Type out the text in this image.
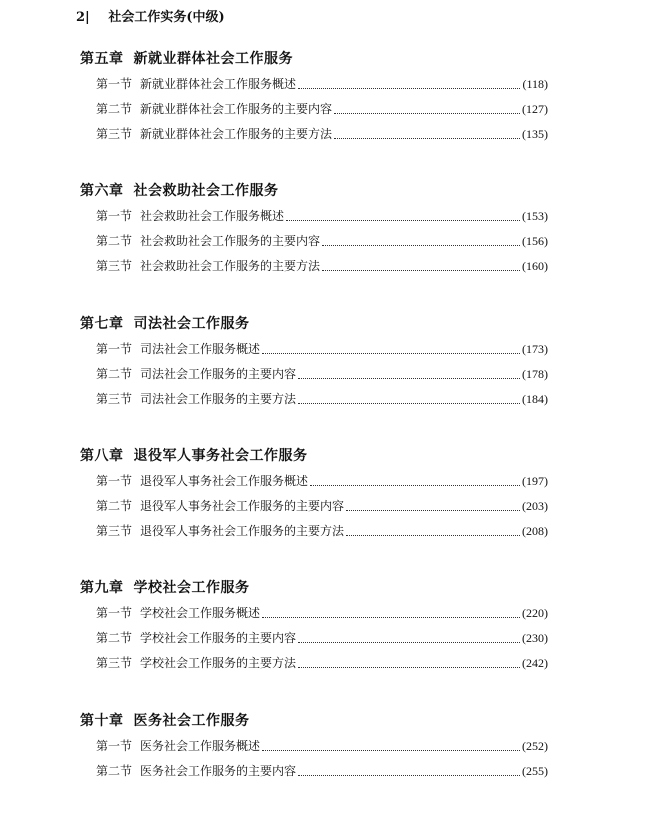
2| 社会工作实务(中级)
第五章 新就业群体社会工作服务
第一节 新就业群体社会工作服务概述	(118)
第二节 新就业群体社会工作服务的主要内容	(127)
第三节 新就业群体社会工作服务的主要方法	(135)
第六章 社会救助社会工作服务
第一节 社会救助社会工作服务概述	(153)
第二节 社会救助社会工作服务的主要内容	(156)
第三节 社会救助社会工作服务的主要方法	(160)
第七章 司法社会工作服务
第一节 司法社会工作服务概述	(173)
第二节 司法社会工作服务的主要内容	(178)
第三节 司法社会工作服务的主要方法	(184)
第八章 退役军人事务社会工作服务
第一节 退役军人事务社会工作服务概述	(197)
第二节 退役军人事务社会工作服务的主要内容	(203)
第三节 退役军人事务社会工作服务的主要方法	(208)
第九章 学校社会工作服务
第一节 学校社会工作服务概述	(220)
第二节 学校社会工作服务的主要内容	(230)
第三节 学校社会工作服务的主要方法	(242)
第十章 医务社会工作服务
第一节 医务社会工作服务概述	(252)
第二节 医务社会工作服务的主要内容	(255)
